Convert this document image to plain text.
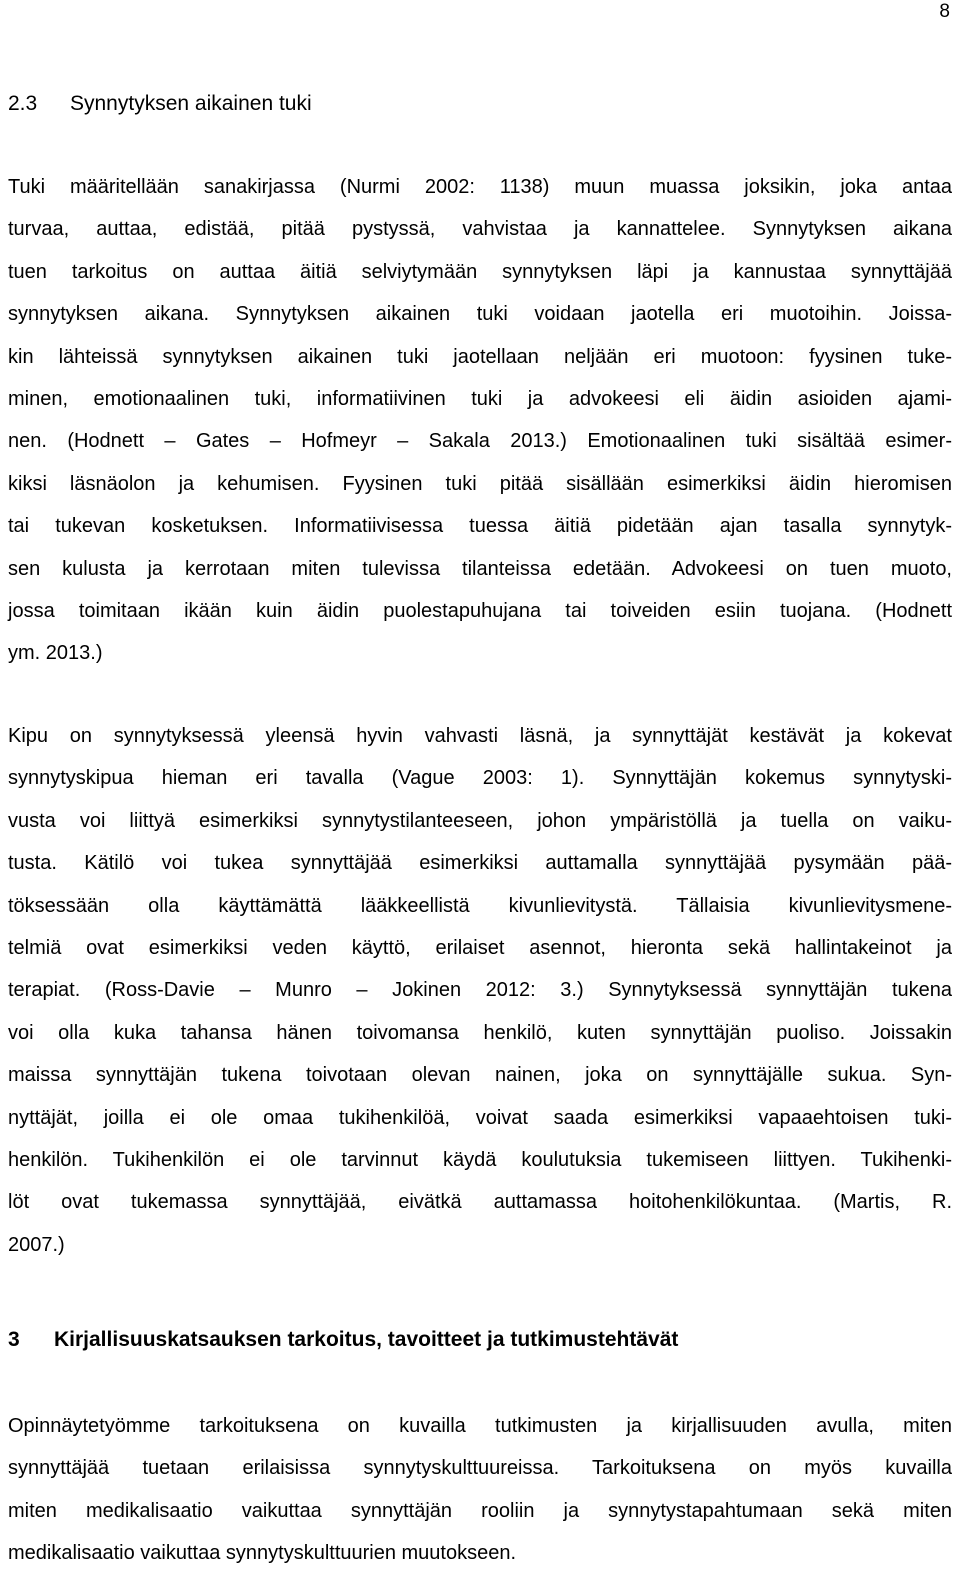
8
2.3 Synnytyksen aikainen tuki
Tuki määritellään sanakirjassa (Nurmi 2002: 1138) muun muassa joksikin, joka antaa
turvaa, auttaa, edistää, pitää pystyssä, vahvistaa ja kannattelee. Synnytyksen aikana
tuen tarkoitus on auttaa äitiä selviytymään synnytyksen läpi ja kannustaa synnyttäjää
synnytyksen aikana. Synnytyksen aikainen tuki voidaan jaotella eri muotoihin. Joissa-
kin lähteissä synnytyksen aikainen tuki jaotellaan neljään eri muotoon: fyysinen tuke-
minen, emotionaalinen tuki, informatiivinen tuki ja advokeesi eli äidin asioiden ajami-
nen. (Hodnett – Gates – Hofmeyr – Sakala 2013.) Emotionaalinen tuki sisältää esimer-
kiksi läsnäolon ja kehumisen. Fyysinen tuki pitää sisällään esimerkiksi äidin hieromisen
tai tukevan kosketuksen. Informatiivisessa tuessa äitiä pidetään ajan tasalla synnytyk-
sen kulusta ja kerrotaan miten tulevissa tilanteissa edetään. Advokeesi on tuen muoto,
jossa toimitaan ikään kuin äidin puolestapuhujana tai toiveiden esiin tuojana. (Hodnett
ym. 2013.)
Kipu on synnytyksessä yleensä hyvin vahvasti läsnä, ja synnyttäjät kestävät ja kokevat
synnytyskipua hieman eri tavalla (Vague 2003: 1). Synnyttäjän kokemus synnytyski-
vusta voi liittyä esimerkiksi synnytystilanteeseen, johon ympäristöllä ja tuella on vaiku-
tusta. Kätilö voi tukea synnyttäjää esimerkiksi auttamalla synnyttäjää pysymään pää-
töksessään olla käyttämättä lääkkeellistä kivunlievitystä. Tällaisia kivunlievitysmene-
telmiä ovat esimerkiksi veden käyttö, erilaiset asennot, hieronta sekä hallintakeinot ja
terapiat. (Ross-Davie – Munro – Jokinen 2012: 3.) Synnytyksessä synnyttäjän tukena
voi olla kuka tahansa hänen toivomansa henkilö, kuten synnyttäjän puoliso. Joissakin
maissa synnyttäjän tukena toivotaan olevan nainen, joka on synnyttäjälle sukua. Syn-
nyttäjät, joilla ei ole omaa tukihenkilöä, voivat saada esimerkiksi vapaaehtoisen tuki-
henkilön. Tukihenkilön ei ole tarvinnut käydä koulutuksia tukemiseen liittyen. Tukihenki-
löt ovat tukemassa synnyttäjää, eivätkä auttamassa hoitohenkilökuntaa. (Martis, R.
2007.)
3 Kirjallisuuskatsauksen tarkoitus, tavoitteet ja tutkimustehtävät
Opinnäytetyömme tarkoituksena on kuvailla tutkimusten ja kirjallisuuden avulla, miten
synnyttäjää tuetaan erilaisissa synnytyskulttuureissa. Tarkoituksena on myös kuvailla
miten medikalisaatio vaikuttaa synnyttäjän rooliin ja synnytystapahtumaan sekä miten
medikalisaatio vaikuttaa synnytyskulttuurien muutokseen.
